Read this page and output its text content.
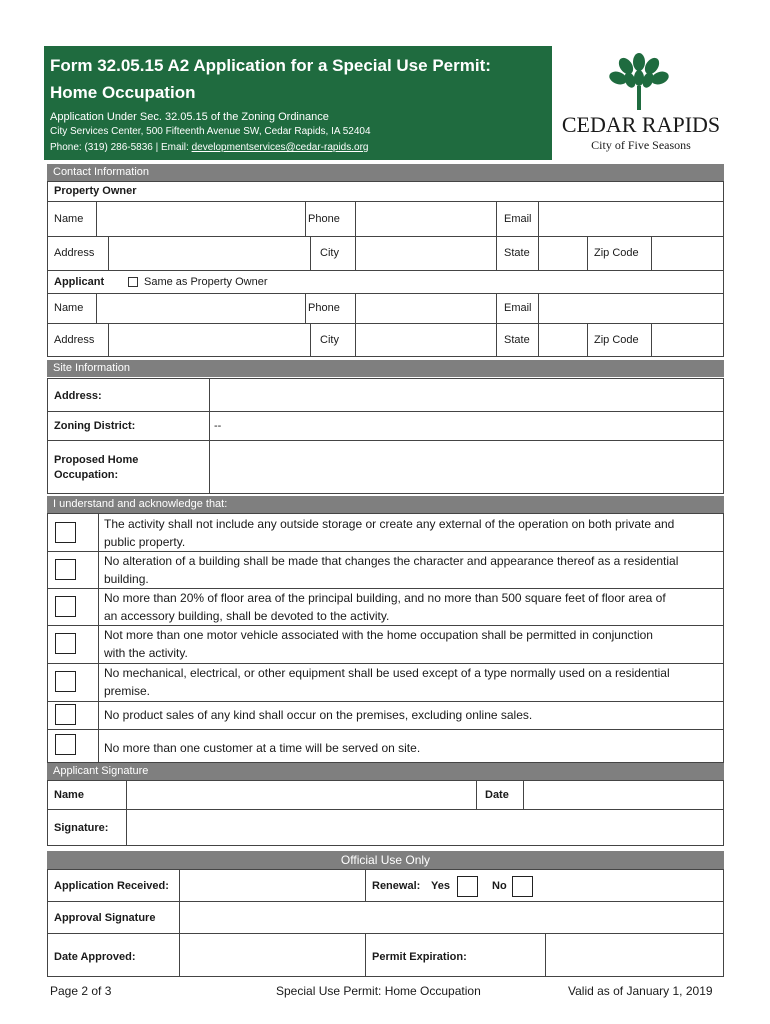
Form 32.05.15 A2 Application for a Special Use Permit:
Home Occupation
Application Under Sec. 32.05.15 of the Zoning Ordinance
City Services Center, 500 Fifteenth Avenue SW, Cedar Rapids, IA 52404
Phone: (319) 286-5836 | Email: developmentservices@cedar-rapids.org
CEDAR RAPIDS
City of Five Seasons
Contact Information
Property Owner
Name	Phone	Email
Address	City	State	Zip Code
Applicant	Same as Property Owner
Name	Phone	Email
Address	City	State	Zip Code
Site Information
Address:
Zoning District:	--
Proposed Home
Occupation:
I understand and acknowledge that:
The activity shall not include any outside storage or create any external of the operation on both private and
public property.
No alteration of a building shall be made that changes the character and appearance thereof as a residential
building.
No more than 20% of floor area of the principal building, and no more than 500 square feet of floor area of
an accessory building, shall be devoted to the activity.
Not more than one motor vehicle associated with the home occupation shall be permitted in conjunction
with the activity.
No mechanical, electrical, or other equipment shall be used except of a type normally used on a residential
premise.
No product sales of any kind shall occur on the premises, excluding online sales.
No more than one customer at a time will be served on site.
Applicant Signature
Name	Date
Signature:
Official Use Only
Application Received:	Renewal: Yes	No
Approval Signature
Date Approved:	Permit Expiration:
Page 2 of 3	Special Use Permit: Home Occupation	Valid as of January 1, 2019
